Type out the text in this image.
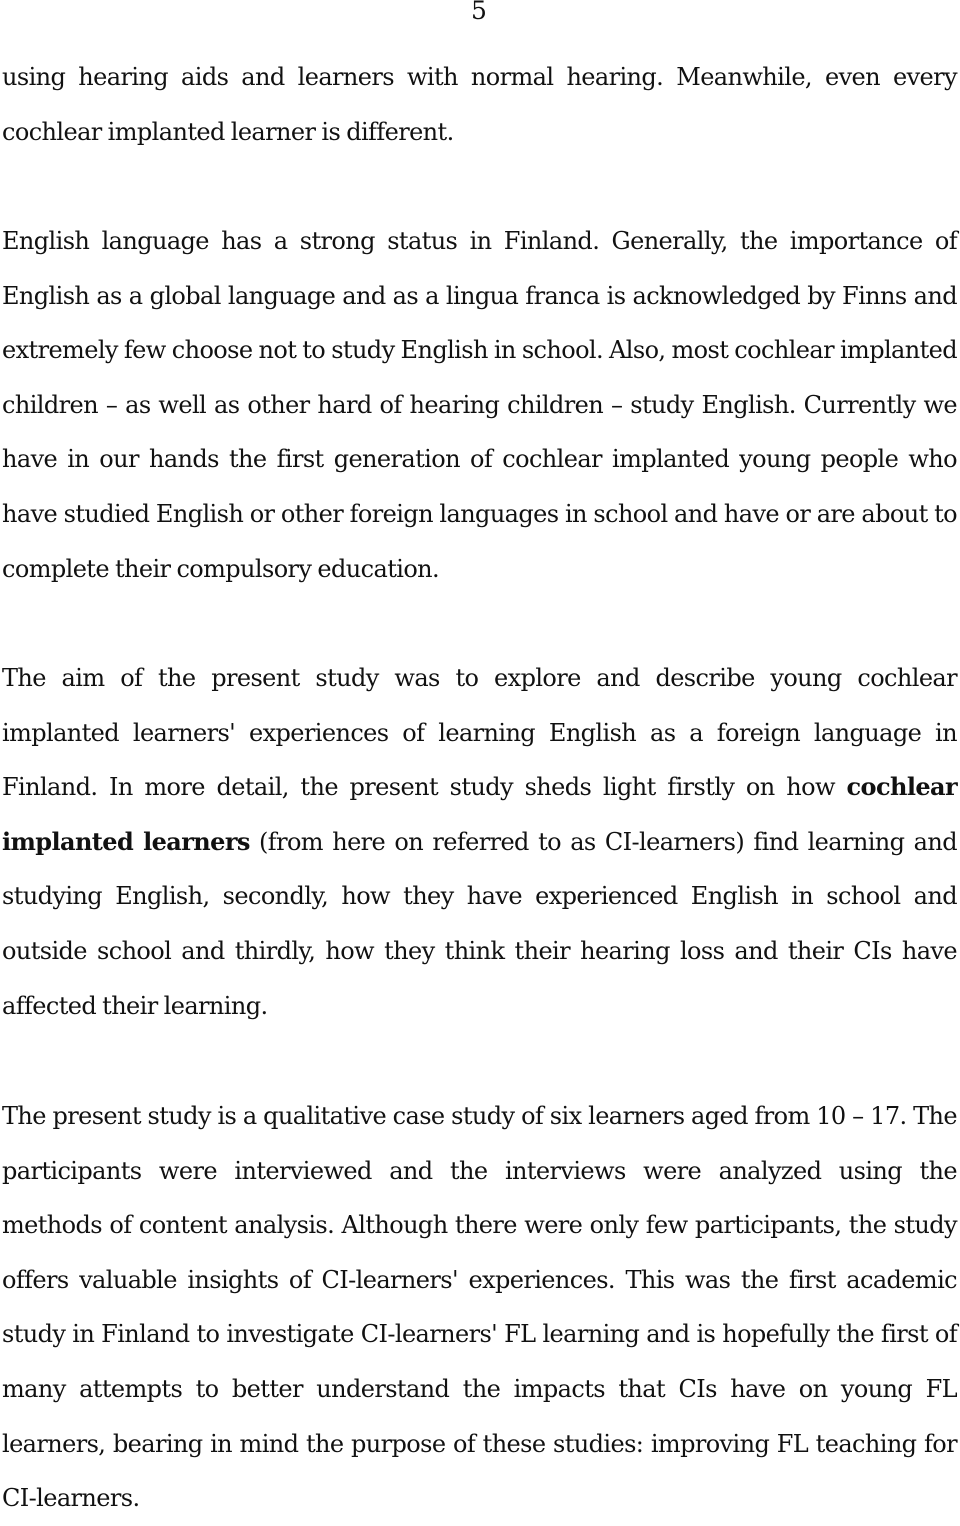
5

using hearing aids and learners with normal hearing. Meanwhile, even every cochlear implanted learner is different.

English language has a strong status in Finland. Generally, the importance of English as a global language and as a lingua franca is acknowledged by Finns and extremely few choose not to study English in school. Also, most cochlear implanted children – as well as other hard of hearing children – study English. Currently we have in our hands the first generation of cochlear implanted young people who have studied English or other foreign languages in school and have or are about to complete their compulsory education.

The aim of the present study was to explore and describe young cochlear implanted learners' experiences of learning English as a foreign language in Finland. In more detail, the present study sheds light firstly on how cochlear implanted learners (from here on referred to as CI-learners) find learning and studying English, secondly, how they have experienced English in school and outside school and thirdly, how they think their hearing loss and their CIs have affected their learning.

The present study is a qualitative case study of six learners aged from 10 – 17. The participants were interviewed and the interviews were analyzed using the methods of content analysis. Although there were only few participants, the study offers valuable insights of CI-learners' experiences. This was the first academic study in Finland to investigate CI-learners' FL learning and is hopefully the first of many attempts to better understand the impacts that CIs have on young FL learners, bearing in mind the purpose of these studies: improving FL teaching for CI-learners.
